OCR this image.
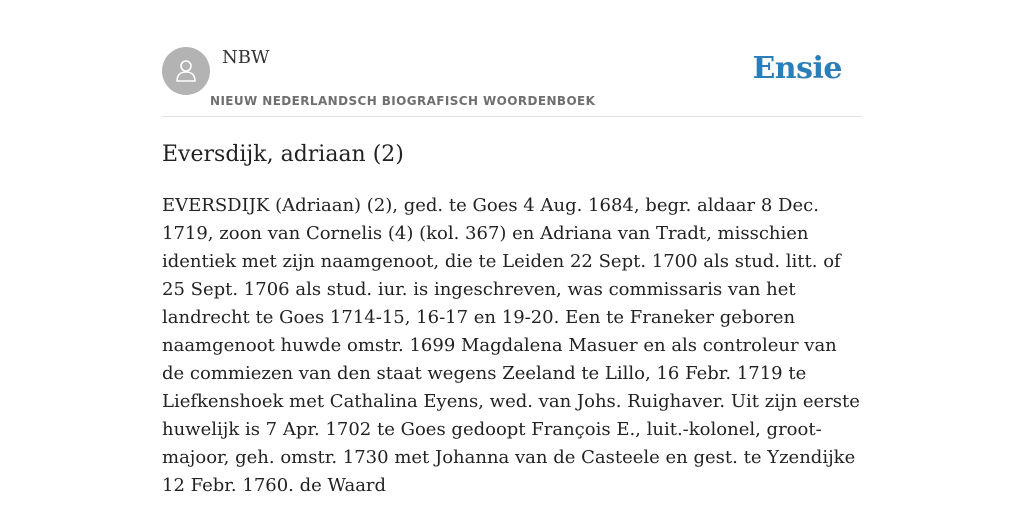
NBW
NIEUW NEDERLANDSCH BIOGRAFISCH WOORDENBOEK
Ensie
Eversdijk, adriaan (2)

EVERSDIJK (Adriaan) (2), ged. te Goes 4 Aug. 1684, begr. aldaar 8 Dec. 1719, zoon van Cornelis (4) (kol. 367) en Adriana van Tradt, misschien identiek met zijn naamgenoot, die te Leiden 22 Sept. 1700 als stud. litt. of 25 Sept. 1706 als stud. iur. is ingeschreven, was commissaris van het landrecht te Goes 1714-15, 16-17 en 19-20. Een te Franeker geboren naamgenoot huwde omstr. 1699 Magdalena Masuer en als controleur van de commiezen van den staat wegens Zeeland te Lillo, 16 Febr. 1719 te Liefkenshoek met Cathalina Eyens, wed. van Johs. Ruighaver. Uit zijn eerste huwelijk is 7 Apr. 1702 te Goes gedoopt François E., luit.-kolonel, groot-majoor, geh. omstr. 1730 met Johanna van de Casteele en gest. te Yzendijke 12 Febr. 1760. de Waard
